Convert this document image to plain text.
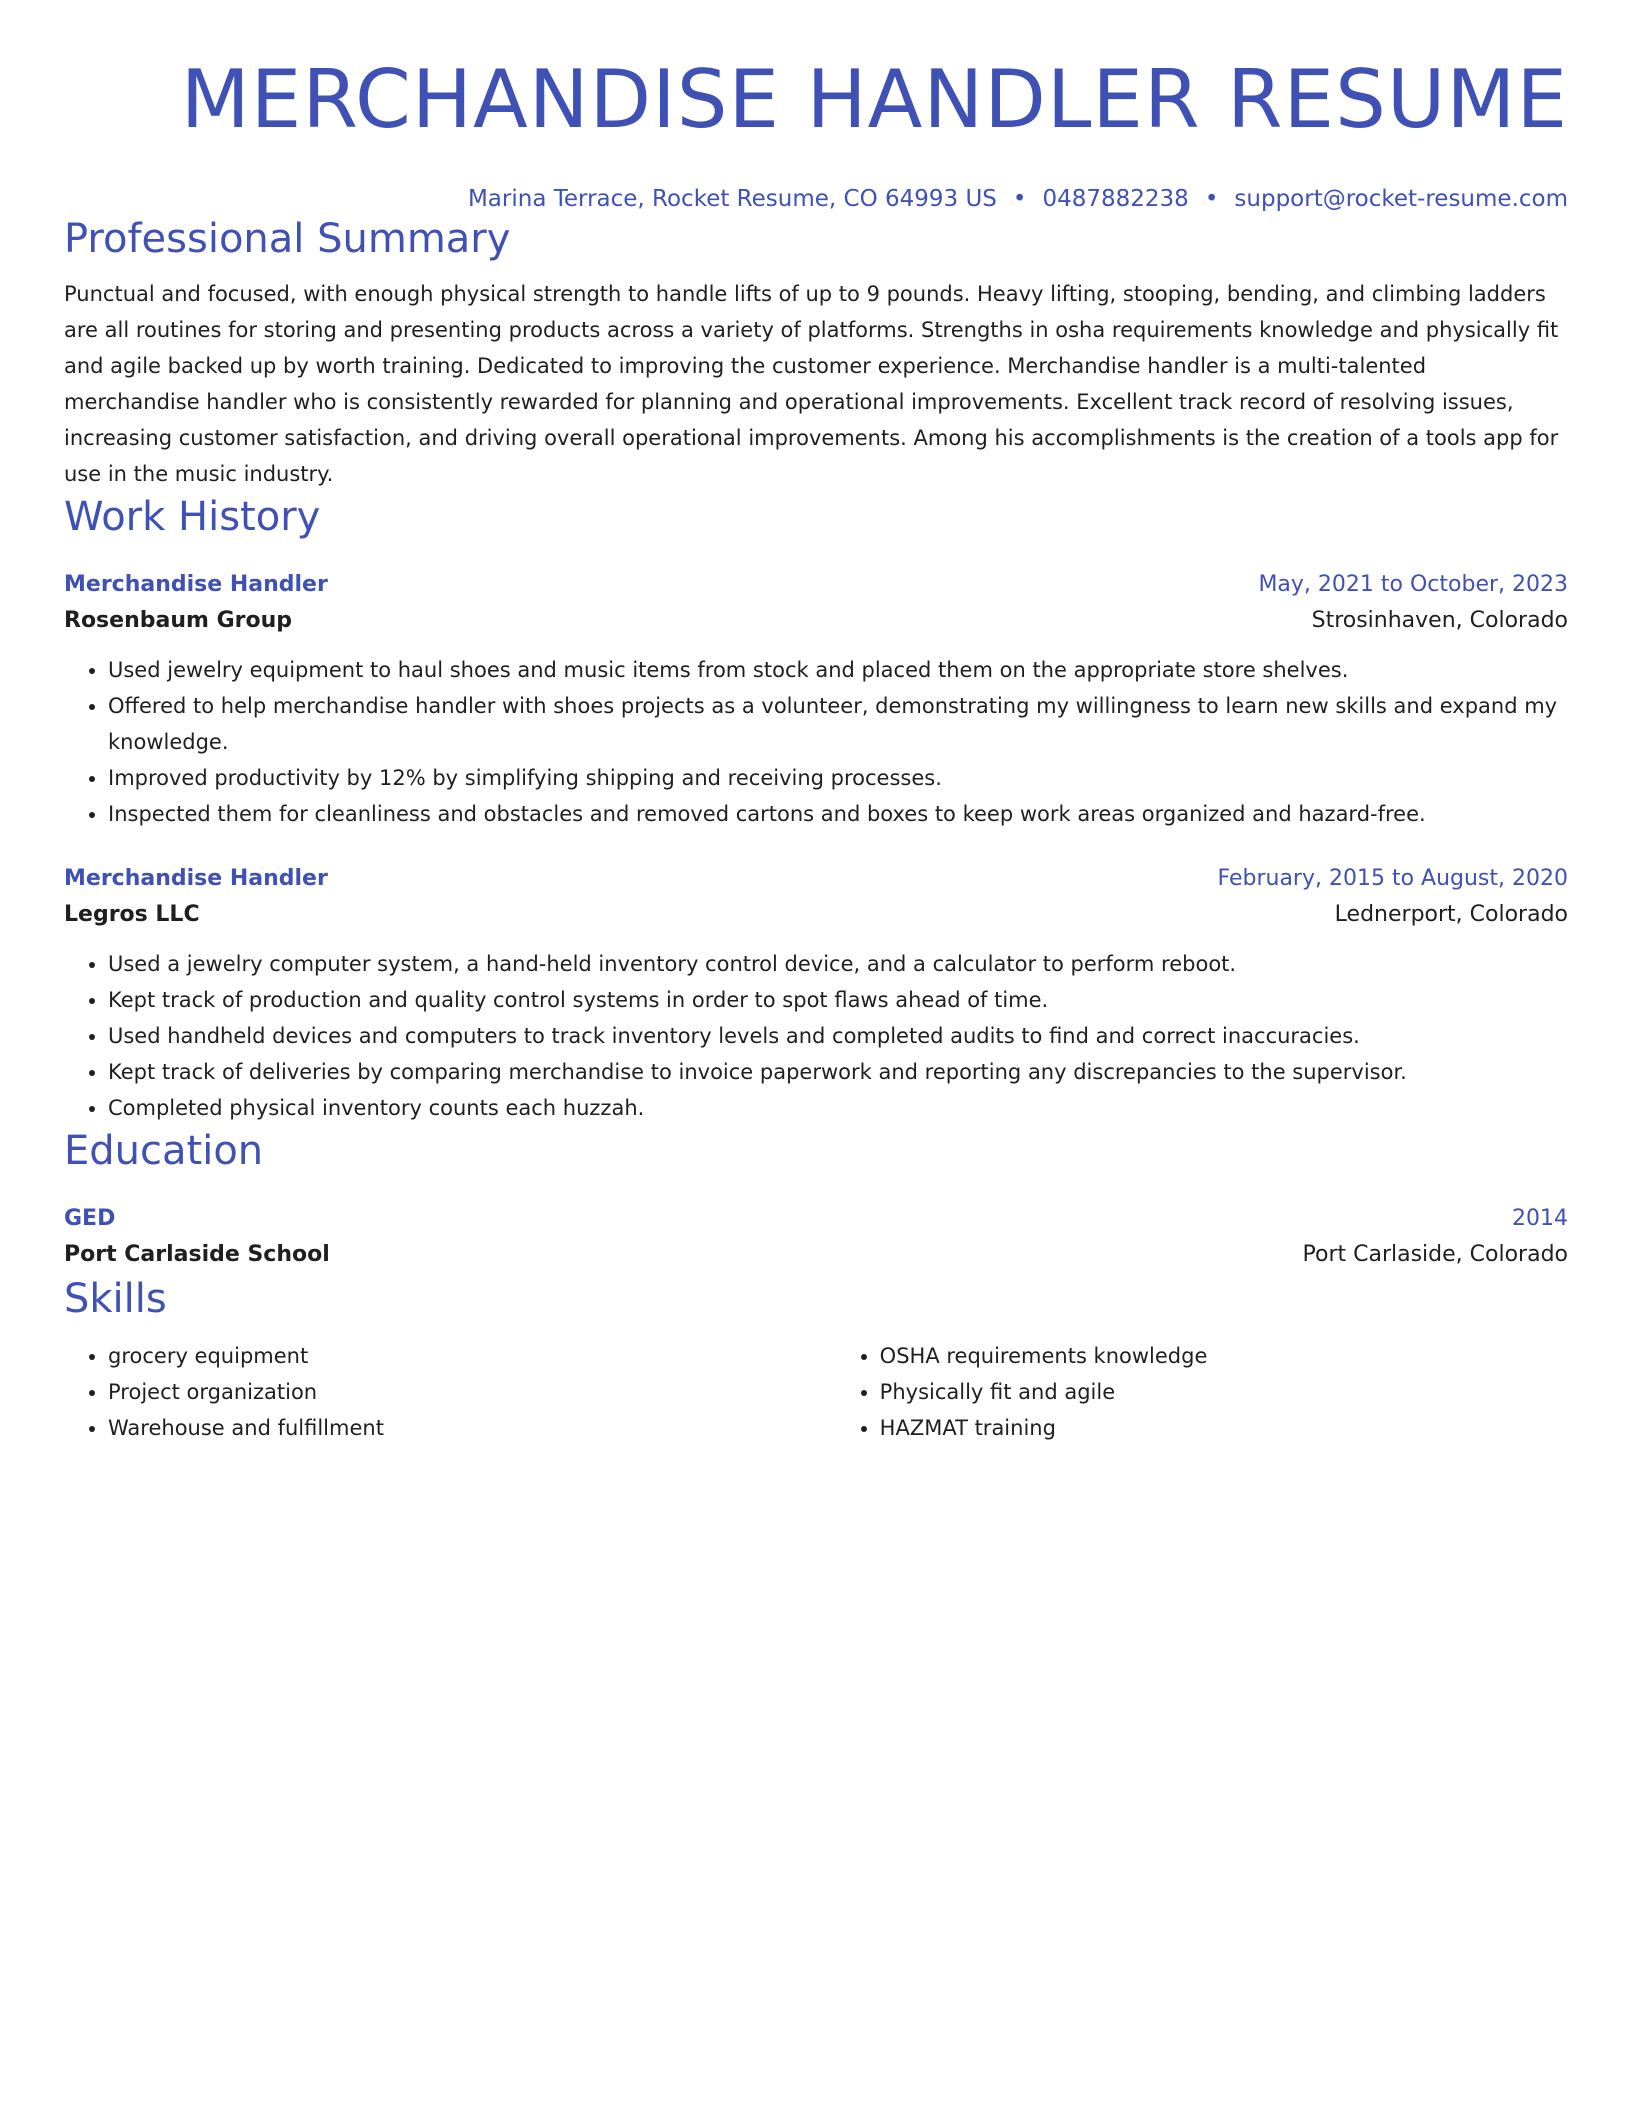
MERCHANDISE HANDLER RESUME
Marina Terrace, Rocket Resume, CO 64993 US • 0487882238 • support@rocket-resume.com
Professional Summary
Punctual and focused, with enough physical strength to handle lifts of up to 9 pounds. Heavy lifting, stooping, bending, and climbing ladders are all routines for storing and presenting products across a variety of platforms. Strengths in osha requirements knowledge and physically fit and agile backed up by worth training. Dedicated to improving the customer experience. Merchandise handler is a multi-talented merchandise handler who is consistently rewarded for planning and operational improvements. Excellent track record of resolving issues, increasing customer satisfaction, and driving overall operational improvements. Among his accomplishments is the creation of a tools app for use in the music industry.
Work History
Merchandise Handler	May, 2021 to October, 2023
Rosenbaum Group	Strosinhaven, Colorado
• Used jewelry equipment to haul shoes and music items from stock and placed them on the appropriate store shelves.
• Offered to help merchandise handler with shoes projects as a volunteer, demonstrating my willingness to learn new skills and expand my knowledge.
• Improved productivity by 12% by simplifying shipping and receiving processes.
• Inspected them for cleanliness and obstacles and removed cartons and boxes to keep work areas organized and hazard-free.
Merchandise Handler	February, 2015 to August, 2020
Legros LLC	Lednerport, Colorado
• Used a jewelry computer system, a hand-held inventory control device, and a calculator to perform reboot.
• Kept track of production and quality control systems in order to spot flaws ahead of time.
• Used handheld devices and computers to track inventory levels and completed audits to find and correct inaccuracies.
• Kept track of deliveries by comparing merchandise to invoice paperwork and reporting any discrepancies to the supervisor.
• Completed physical inventory counts each huzzah.
Education
GED	2014
Port Carlaside School	Port Carlaside, Colorado
Skills
• grocery equipment
• Project organization
• Warehouse and fulfillment
• OSHA requirements knowledge
• Physically fit and agile
• HAZMAT training
